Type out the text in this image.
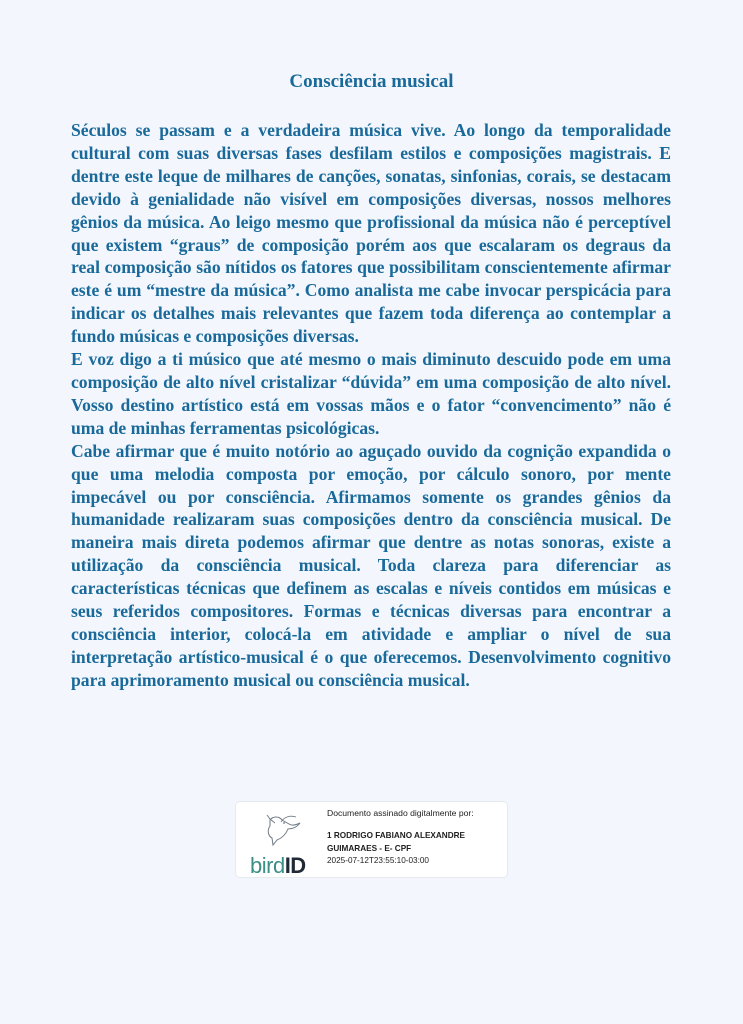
Consciência musical

Séculos se passam e a verdadeira música vive. Ao longo da temporalidade cultural com suas diversas fases desfilam estilos e composições magistrais. E dentre este leque de milhares de canções, sonatas, sinfonias, corais, se destacam devido à genialidade não visível em composições diversas, nossos melhores gênios da música. Ao leigo mesmo que profissional da música não é perceptível que existem “graus” de composição porém aos que escalaram os degraus da real composição são nítidos os fatores que possibilitam conscientemente afirmar este é um “mestre da música”. Como analista me cabe invocar perspicácia para indicar os detalhes mais relevantes que fazem toda diferença ao contemplar a fundo músicas e composições diversas.

E voz digo a ti músico que até mesmo o mais diminuto descuido pode em uma composição de alto nível cristalizar “dúvida” em uma composição de alto nível. Vosso destino artístico está em vossas mãos e o fator “convencimento” não é uma de minhas ferramentas psicológicas.

Cabe afirmar que é muito notório ao aguçado ouvido da cognição expandida o que uma melodia composta por emoção, por cálculo sonoro, por mente impecável ou por consciência. Afirmamos somente os grandes gênios da humanidade realizaram suas composições dentro da consciência musical. De maneira mais direta podemos afirmar que dentre as notas sonoras, existe a utilização da consciência musical. Toda clareza para diferenciar as características técnicas que definem as escalas e níveis contidos em músicas e seus referidos compositores. Formas e técnicas diversas para encontrar a consciência interior, colocá-la em atividade e ampliar o nível de sua interpretação artístico-musical é o que oferecemos. Desenvolvimento cognitivo para aprimoramento musical ou consciência musical.

birdID

Documento assinado digitalmente por:

1 RODRIGO FABIANO ALEXANDRE

GUIMARAES - E- CPF

2025-07-12T23:55:10-03:00
